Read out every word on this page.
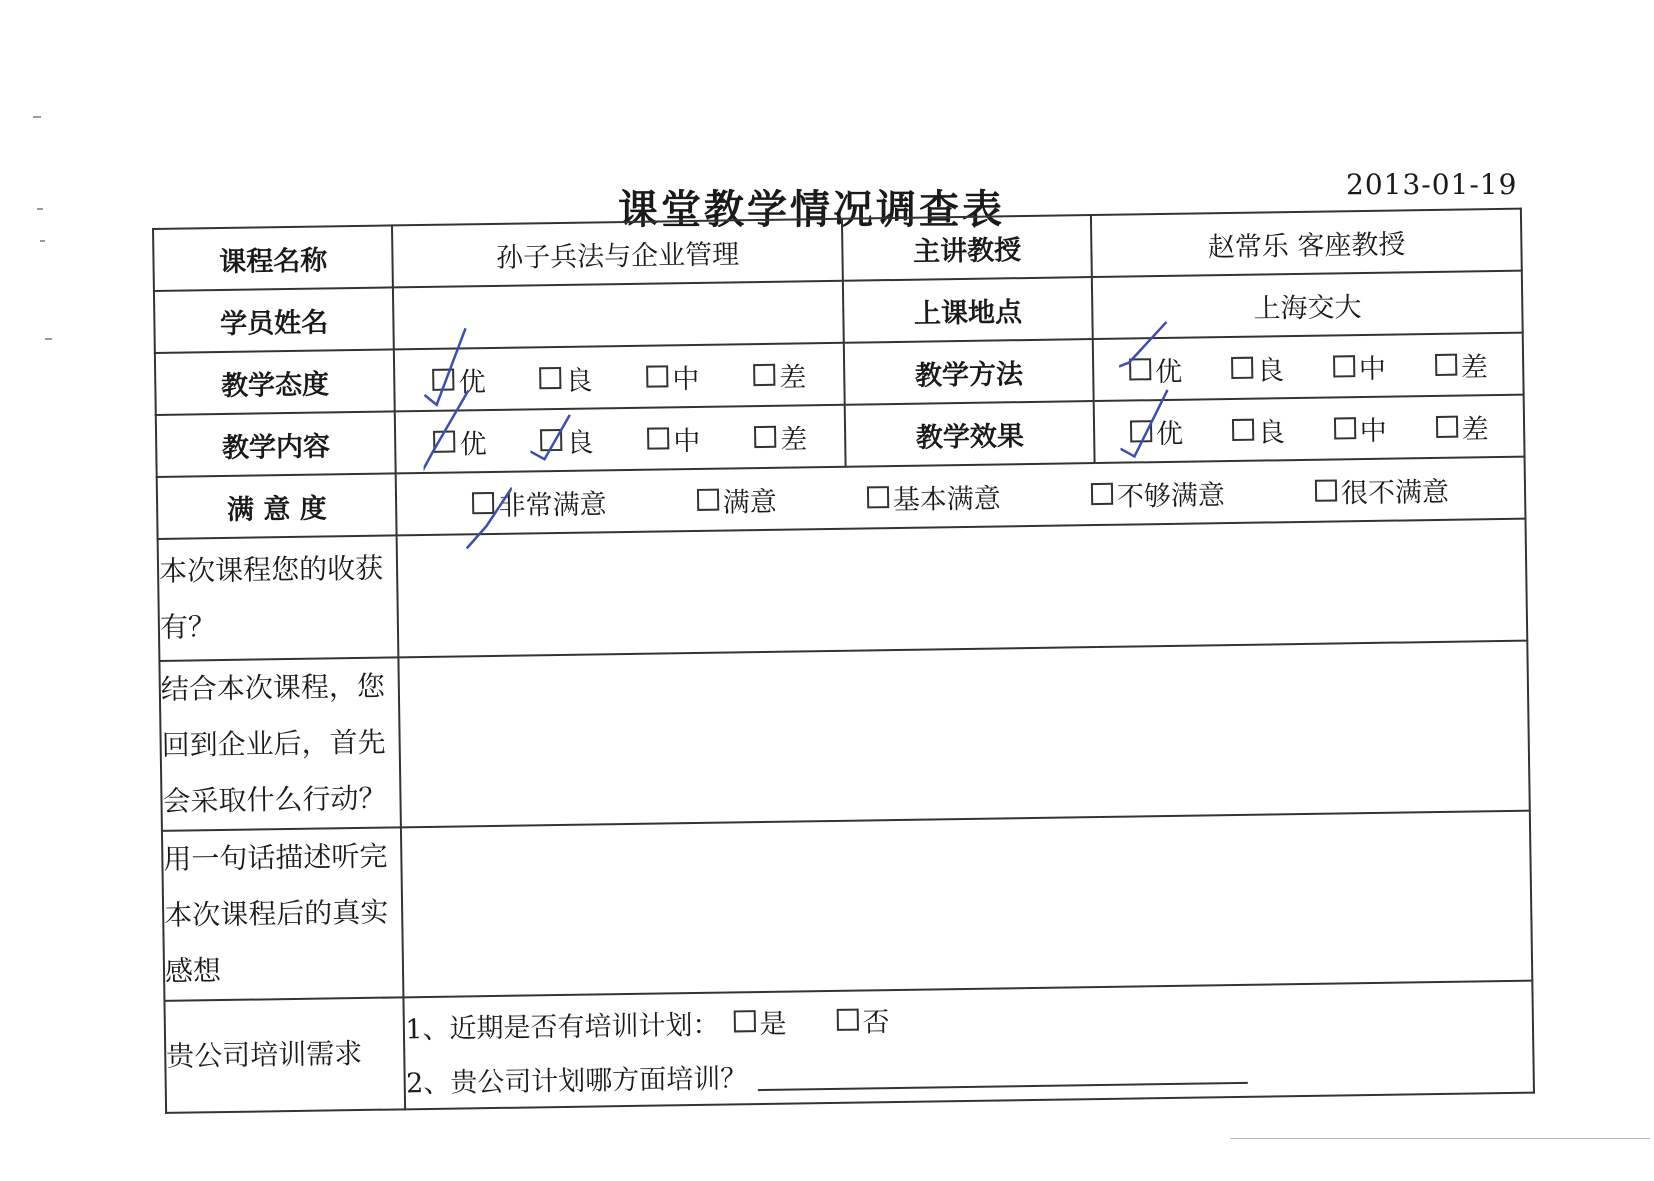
课堂教学情况调查表
2013-01-19
课程名称	孙子兵法与企业管理	主讲教授	赵常乐 客座教授
学员姓名		上课地点	上海交大
教学态度	优 良 中 差	教学方法	优 良 中 差

教学内容	优 良 中 差	教学效果	优 良 中 差

满 意 度	非常满意 满意 基本满意 不够满意 很不满意		

本次课程您的收获有？			
结合本次课程，您回到企业后，首先会采取什么行动？			
用一句话描述听完本次课程后的真实感想			
贵公司培训需求	1、近期是否有培训计划： 是 否
2、贵公司计划哪方面培训？		
